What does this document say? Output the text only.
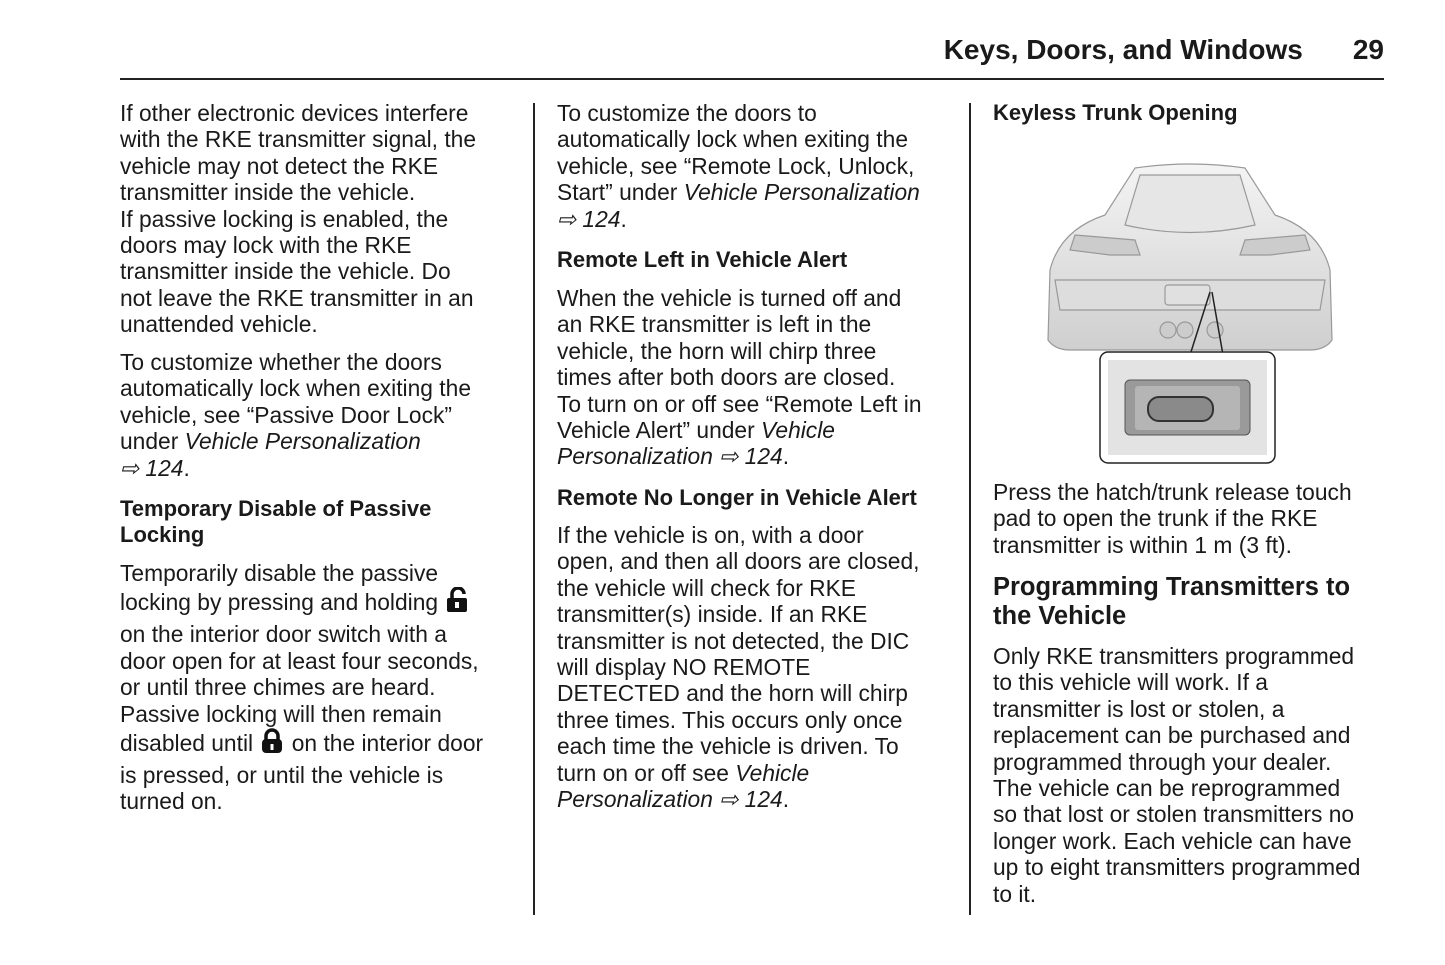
Keys, Doors, and Windows 29
If other electronic devices interfere
with the RKE transmitter signal, the
vehicle may not detect the RKE
transmitter inside the vehicle.
If passive locking is enabled, the
doors may lock with the RKE
transmitter inside the vehicle. Do
not leave the RKE transmitter in an
unattended vehicle.
To customize whether the doors
automatically lock when exiting the
vehicle, see “Passive Door Lock”
under Vehicle Personalization
⇨ 124.
Temporary Disable of Passive
Locking
Temporarily disable the passive
locking by pressing and holding
on the interior door switch with a
door open for at least four seconds,
or until three chimes are heard.
Passive locking will then remain
disabled until  on the interior door
is pressed, or until the vehicle is
turned on.
To customize the doors to
automatically lock when exiting the
vehicle, see “Remote Lock, Unlock,
Start” under Vehicle Personalization
⇨ 124.
Remote Left in Vehicle Alert
When the vehicle is turned off and
an RKE transmitter is left in the
vehicle, the horn will chirp three
times after both doors are closed.
To turn on or off see “Remote Left in
Vehicle Alert” under Vehicle
Personalization ⇨ 124.
Remote No Longer in Vehicle Alert
If the vehicle is on, with a door
open, and then all doors are closed,
the vehicle will check for RKE
transmitter(s) inside. If an RKE
transmitter is not detected, the DIC
will display NO REMOTE
DETECTED and the horn will chirp
three times. This occurs only once
each time the vehicle is driven. To
turn on or off see Vehicle
Personalization ⇨ 124.
Keyless Trunk Opening
Press the hatch/trunk release touch
pad to open the trunk if the RKE
transmitter is within 1 m (3 ft).
Programming Transmitters to
the Vehicle
Only RKE transmitters programmed
to this vehicle will work. If a
transmitter is lost or stolen, a
replacement can be purchased and
programmed through your dealer.
The vehicle can be reprogrammed
so that lost or stolen transmitters no
longer work. Each vehicle can have
up to eight transmitters programmed
to it.
